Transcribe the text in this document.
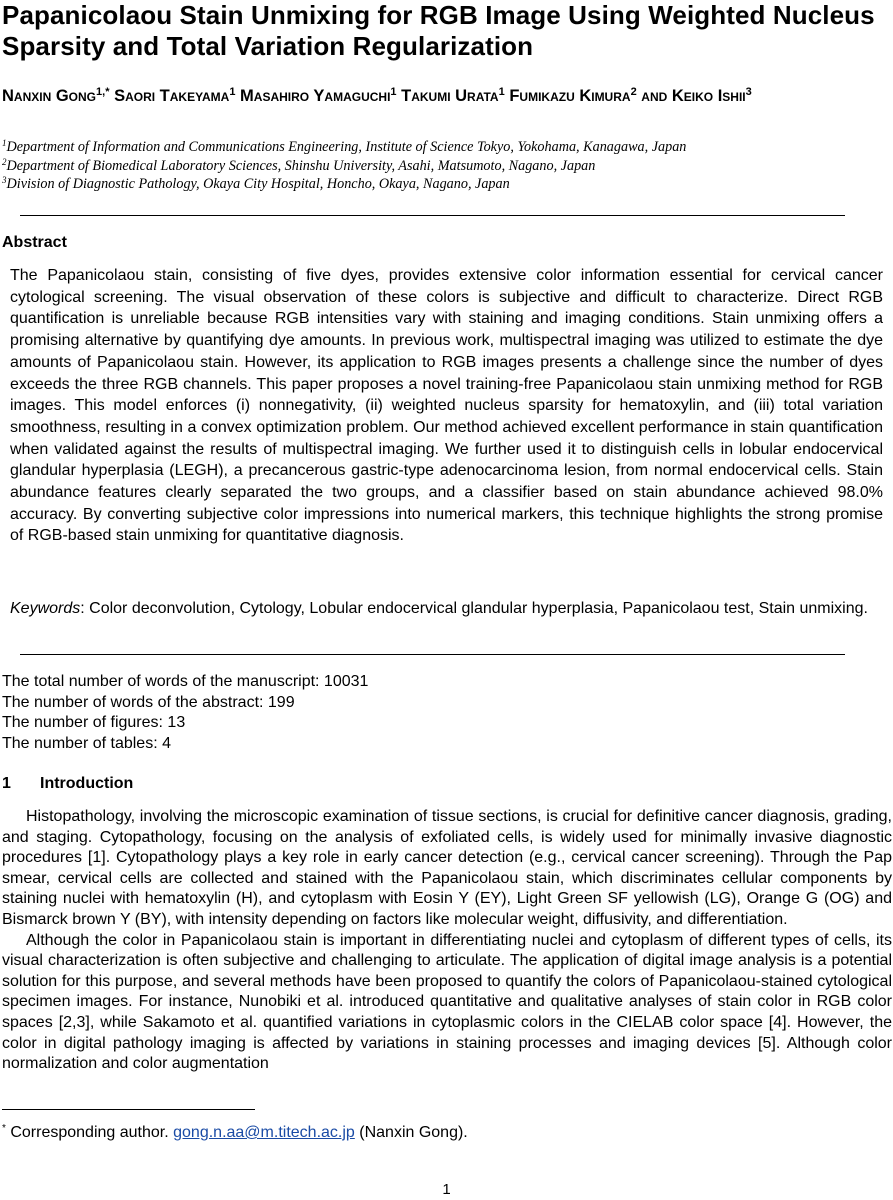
Papanicolaou Stain Unmixing for RGB Image Using Weighted Nucleus Sparsity and Total Variation Regularization
Nanxin Gong$^{1,*}$ Saori Takeyama$^1$ Masahiro Yamaguchi$^1$ Takumi Urata$^1$ Fumikazu Kimura$^2$ and Keiko Ishii$^3$
$^1$Department of Information and Communications Engineering, Institute of Science Tokyo, Yokohama, Kanagawa, Japan
$^2$Department of Biomedical Laboratory Sciences, Shinshu University, Asahi, Matsumoto, Nagano, Japan
$^3$Division of Diagnostic Pathology, Okaya City Hospital, Honcho, Okaya, Nagano, Japan
Abstract

The Papanicolaou stain, consisting of five dyes, provides extensive color information essential for cervical cancer cytological screening. The visual observation of these colors is subjective and difficult to characterize. Direct RGB quantification is unreliable because RGB intensities vary with staining and imaging conditions. Stain unmixing offers a promising alternative by quantifying dye amounts. In previous work, multispectral imaging was utilized to estimate the dye amounts of Papanicolaou stain. However, its application to RGB images presents a challenge since the number of dyes exceeds the three RGB channels. This paper proposes a novel training-free Papanicolaou stain unmixing method for RGB images. This model enforces (i) nonnegativity, (ii) weighted nucleus sparsity for hematoxylin, and (iii) total variation smoothness, resulting in a convex optimization problem. Our method achieved excellent performance in stain quantification when validated against the results of multispectral imaging. We further used it to distinguish cells in lobular endocervical glandular hyperplasia (LEGH), a precancerous gastric-type adenocarcinoma lesion, from normal endocervical cells. Stain abundance features clearly separated the two groups, and a classifier based on stain abundance achieved 98.0% accuracy. By converting subjective color impressions into numerical markers, this technique highlights the strong promise of RGB-based stain unmixing for quantitative diagnosis.

Keywords: Color deconvolution, Cytology, Lobular endocervical glandular hyperplasia, Papanicolaou test, Stain unmixing.

The total number of words of the manuscript: 10031
The number of words of the abstract: 199
The number of figures: 13
The number of tables: 4
1 Introduction

Histopathology, involving the microscopic examination of tissue sections, is crucial for definitive cancer diagnosis, grading, and staging. Cytopathology, focusing on the analysis of exfoliated cells, is widely used for minimally invasive diagnostic procedures [1]. Cytopathology plays a key role in early cancer detection (e.g., cervical cancer screening). Through the Pap smear, cervical cells are collected and stained with the Papanicolaou stain, which discriminates cellular components by staining nuclei with hematoxylin (H), and cytoplasm with Eosin Y (EY), Light Green SF yellowish (LG), Orange G (OG) and Bismarck brown Y (BY), with intensity depending on factors like molecular weight, diffusivity, and differentiation.

Although the color in Papanicolaou stain is important in differentiating nuclei and cytoplasm of different types of cells, its visual characterization is often subjective and challenging to articulate. The application of digital image analysis is a potential solution for this purpose, and several methods have been proposed to quantify the colors of Papanicolaou-stained cytological specimen images. For instance, Nunobiki et al. introduced quantitative and qualitative analyses of stain color in RGB color spaces [2,3], while Sakamoto et al. quantified variations in cytoplasmic colors in the CIELAB color space [4]. However, the color in digital pathology imaging is affected by variations in staining processes and imaging devices [5]. Although color normalization and color augmentation

* Corresponding author. gong.n.aa@m.titech.ac.jp (Nanxin Gong).
1
